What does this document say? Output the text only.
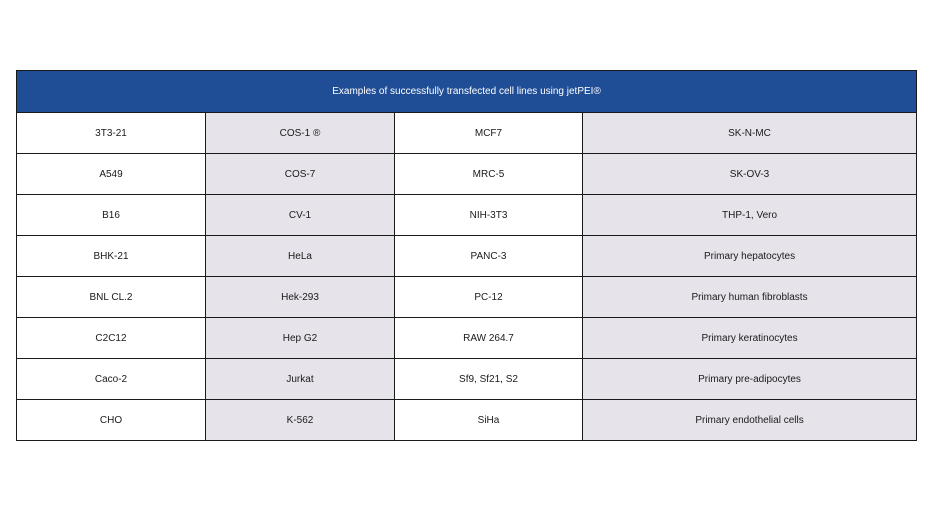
Examples of successfully transfected cell lines using jetPEI®			
3T3-21	COS-1 ®	MCF7	SK-N-MC
A549	COS-7	MRC-5	SK-OV-3
B16	CV-1	NIH-3T3	THP-1, Vero
BHK-21	HeLa	PANC-3	Primary hepatocytes
BNL CL.2	Hek-293	PC-12	Primary human fibroblasts
C2C12	Hep G2	RAW 264.7	Primary keratinocytes
Caco-2	Jurkat	Sf9, Sf21, S2	Primary pre-adipocytes
CHO	K-562	SiHa	Primary endothelial cells
